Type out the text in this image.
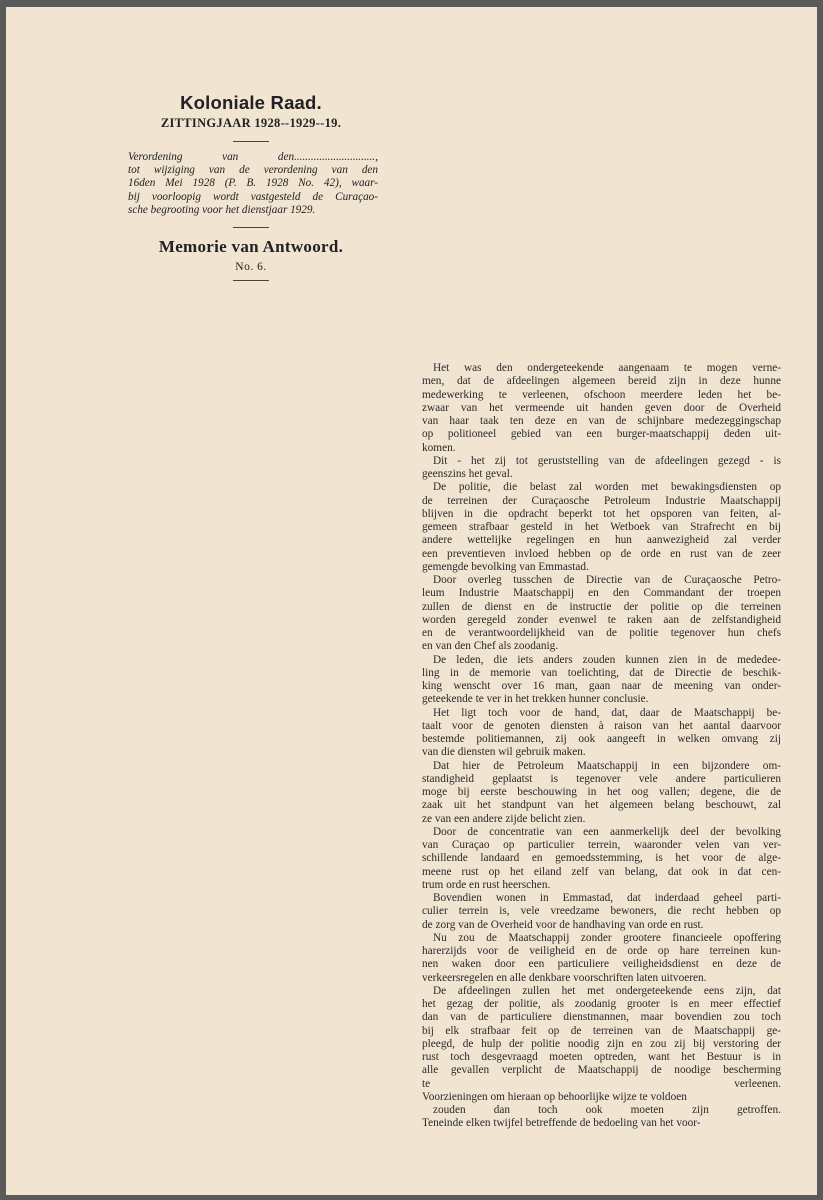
Koloniale Raad.
ZITTINGJAAR 1928--1929--19.
Verordening van den.............................,
tot wijziging van de verordening van den
16den Mei 1928 (P. B. 1928 No. 42), waar-
bij voorloopig wordt vastgesteld de Curaçao-
sche begrooting voor het dienstjaar 1929.
Memorie van Antwoord.
No. 6.
Het was den ondergeteekende aangenaam te mogen verne-
men, dat de afdeelingen algemeen bereid zijn in deze hunne
medewerking te verleenen, ofschoon meerdere leden het be-
zwaar van het vermeende uit handen geven door de Overheid
van haar taak ten deze en van de schijnbare medezeggingschap
op politioneel gebied van een burger-maatschappij deden uit-
komen.
Dit - het zij tot geruststelling van de afdeelingen gezegd - is
geenszins het geval.
De politie, die belast zal worden met bewakingsdiensten op
de terreinen der Curaçaosche Petroleum Industrie Maatschappij
blijven in die opdracht beperkt tot het opsporen van feiten, al-
gemeen strafbaar gesteld in het Wetboek van Strafrecht en bij
andere wettelijke regelingen en hun aanwezigheid zal verder
een preventieven invloed hebben op de orde en rust van de zeer
gemengde bevolking van Emmastad.
Door overleg tusschen de Directie van de Curaçaosche Petro-
leum Industrie Maatschappij en den Commandant der troepen
zullen de dienst en de instructie der politie op die terreinen
worden geregeld zonder evenwel te raken aan de zelfstandigheid
en de verantwoordelijkheid van de politie tegenover hun chefs
en van den Chef als zoodanig.
De leden, die iets anders zouden kunnen zien in de mededee-
ling in de memorie van toelichting, dat de Directie de beschik-
king wenscht over 16 man, gaan naar de meening van onder-
geteekende te ver in het trekken hunner conclusie.
Het ligt toch voor de hand, dat, daar de Maatschappij be-
taalt voor de genoten diensten à raison van het aantal daarvoor
bestemde politiemannen, zij ook aangeeft in welken omvang zij
van die diensten wil gebruik maken.
Dat hier de Petroleum Maatschappij in een bijzondere om-
standigheid geplaatst is tegenover vele andere particulieren
moge bij eerste beschouwing in het oog vallen; degene, die de
zaak uit het standpunt van het algemeen belang beschouwt, zal
ze van een andere zijde belicht zien.
Door de concentratie van een aanmerkelijk deel der bevolking
van Curaçao op particulier terrein, waaronder velen van ver-
schillende landaard en gemoedsstemming, is het voor de alge-
meene rust op het eiland zelf van belang, dat ook in dat cen-
trum orde en rust heerschen.
Bovendien wonen in Emmastad, dat inderdaad geheel parti-
culier terrein is, vele vreedzame bewoners, die recht hebben op
de zorg van de Overheid voor de handhaving van orde en rust.
Nu zou de Maatschappij zonder grootere financieele opoffering
harerzijds voor de veiligheid en de orde op hare terreinen kun-
nen waken door een particuliere veiligheidsdienst en deze de
verkeersregelen en alle denkbare voorschriften laten uitvoeren.
De afdeelingen zullen het met ondergeteekende eens zijn, dat
het gezag der politie, als zoodanig grooter is en meer effectief
dan van de particuliere dienstmannen, maar bovendien zou toch
bij elk strafbaar feit op de terreinen van de Maatschappij ge-
pleegd, de hulp der politie noodig zijn en zou zij bij verstoring der
rust toch desgevraagd moeten optreden, want het Bestuur is in
alle gevallen verplicht de Maatschappij de noodige bescherming
te verleenen.
Voorzieningen om hieraan op behoorlijke wijze te voldoen
zouden dan toch ook moeten zijn getroffen.
Teneinde elken twijfel betreffende de bedoeling van het voor-
